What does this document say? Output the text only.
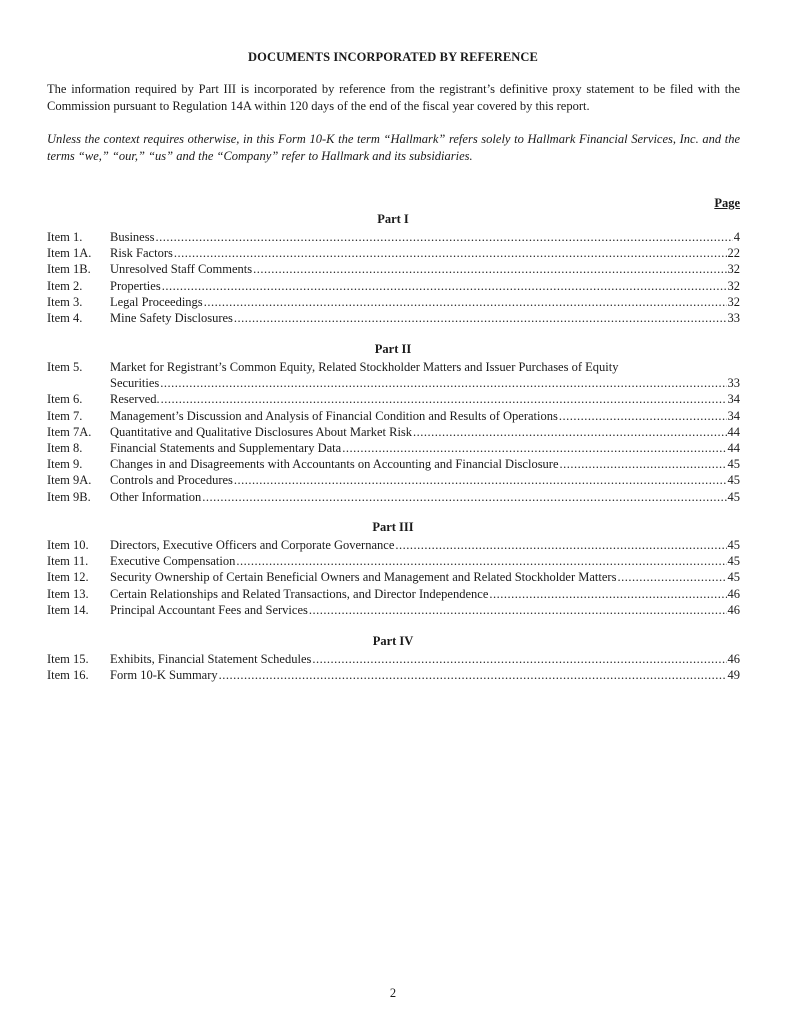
DOCUMENTS INCORPORATED BY REFERENCE

The information required by Part III is incorporated by reference from the registrant’s definitive proxy statement to be filed with the Commission pursuant to Regulation 14A within 120 days of the end of the fiscal year covered by this report.

Unless the context requires otherwise, in this Form 10-K the term “Hallmark” refers solely to Hallmark Financial Services, Inc. and the terms “we,” “our,” “us” and the “Company” refer to Hallmark and its subsidiaries.

Page
Part I
Item 1.	Business .....	4
Item 1A.	Risk Factors .....	22
Item 1B.	Unresolved Staff Comments .....	32
Item 2.	Properties .....	32
Item 3.	Legal Proceedings .....	32
Item 4.	Mine Safety Disclosures .....	33
Part II
Item 5.	Market for Registrant’s Common Equity, Related Stockholder Matters and Issuer Purchases of Equity
Securities .....	33
Item 6.	Reserved. .....	34
Item 7.	Management’s Discussion and Analysis of Financial Condition and Results of Operations .....	34
Item 7A.	Quantitative and Qualitative Disclosures About Market Risk .....	44
Item 8.	Financial Statements and Supplementary Data .....	44
Item 9.	Changes in and Disagreements with Accountants on Accounting and Financial Disclosure .....	45
Item 9A.	Controls and Procedures .....	45
Item 9B.	Other Information .....	45
Part III
Item 10.	Directors, Executive Officers and Corporate Governance .....	45
Item 11.	Executive Compensation .....	45
Item 12.	Security Ownership of Certain Beneficial Owners and Management and Related Stockholder Matters .....	45
Item 13.	Certain Relationships and Related Transactions, and Director Independence .....	46
Item 14.	Principal Accountant Fees and Services .....	46
Part IV
Item 15.	Exhibits, Financial Statement Schedules .....	46
Item 16.	Form 10-K Summary .....	49
2
